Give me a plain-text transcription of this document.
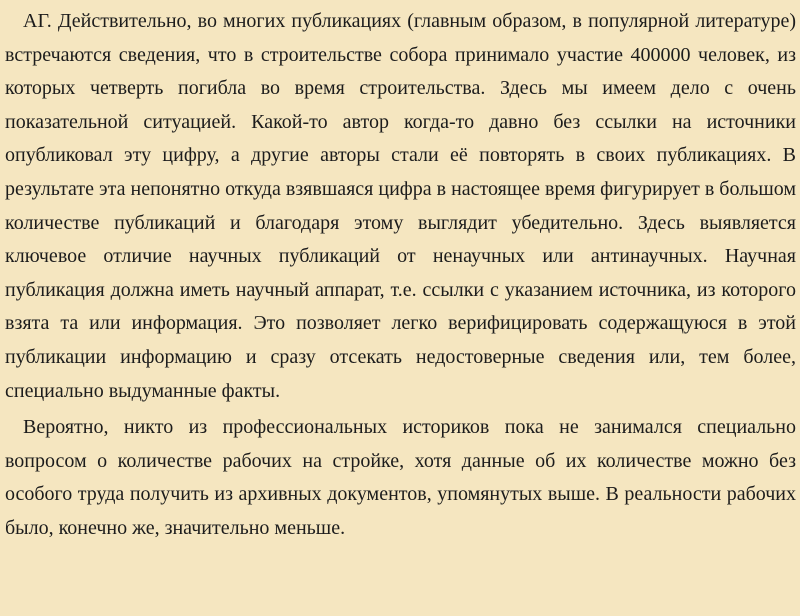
АГ. Действительно, во многих публикациях (главным образом, в популярной литературе) встречаются сведения, что в строительстве собора принимало участие 400000 человек, из которых четверть погибла во время строительства. Здесь мы имеем дело с очень показательной ситуацией. Какой-то автор когда-то давно без ссылки на источники опубликовал эту цифру, а другие авторы стали её повторять в своих публикациях. В результате эта непонятно откуда взявшаяся цифра в настоящее время фигурирует в большом количестве публикаций и благодаря этому выглядит убедительно. Здесь выявляется ключевое отличие научных публикаций от ненаучных или антинаучных. Научная публикация должна иметь научный аппарат, т.е. ссылки с указанием источника, из которого взята та или информация. Это позволяет легко верифицировать содержащуюся в этой публикации информацию и сразу отсекать недостоверные сведения или, тем более, специально выдуманные факты.

Вероятно, никто из профессиональных историков пока не занимался специально вопросом о количестве рабочих на стройке, хотя данные об их количестве можно без особого труда получить из архивных документов, упомянутых выше. В реальности рабочих было, конечно же, значительно меньше.
